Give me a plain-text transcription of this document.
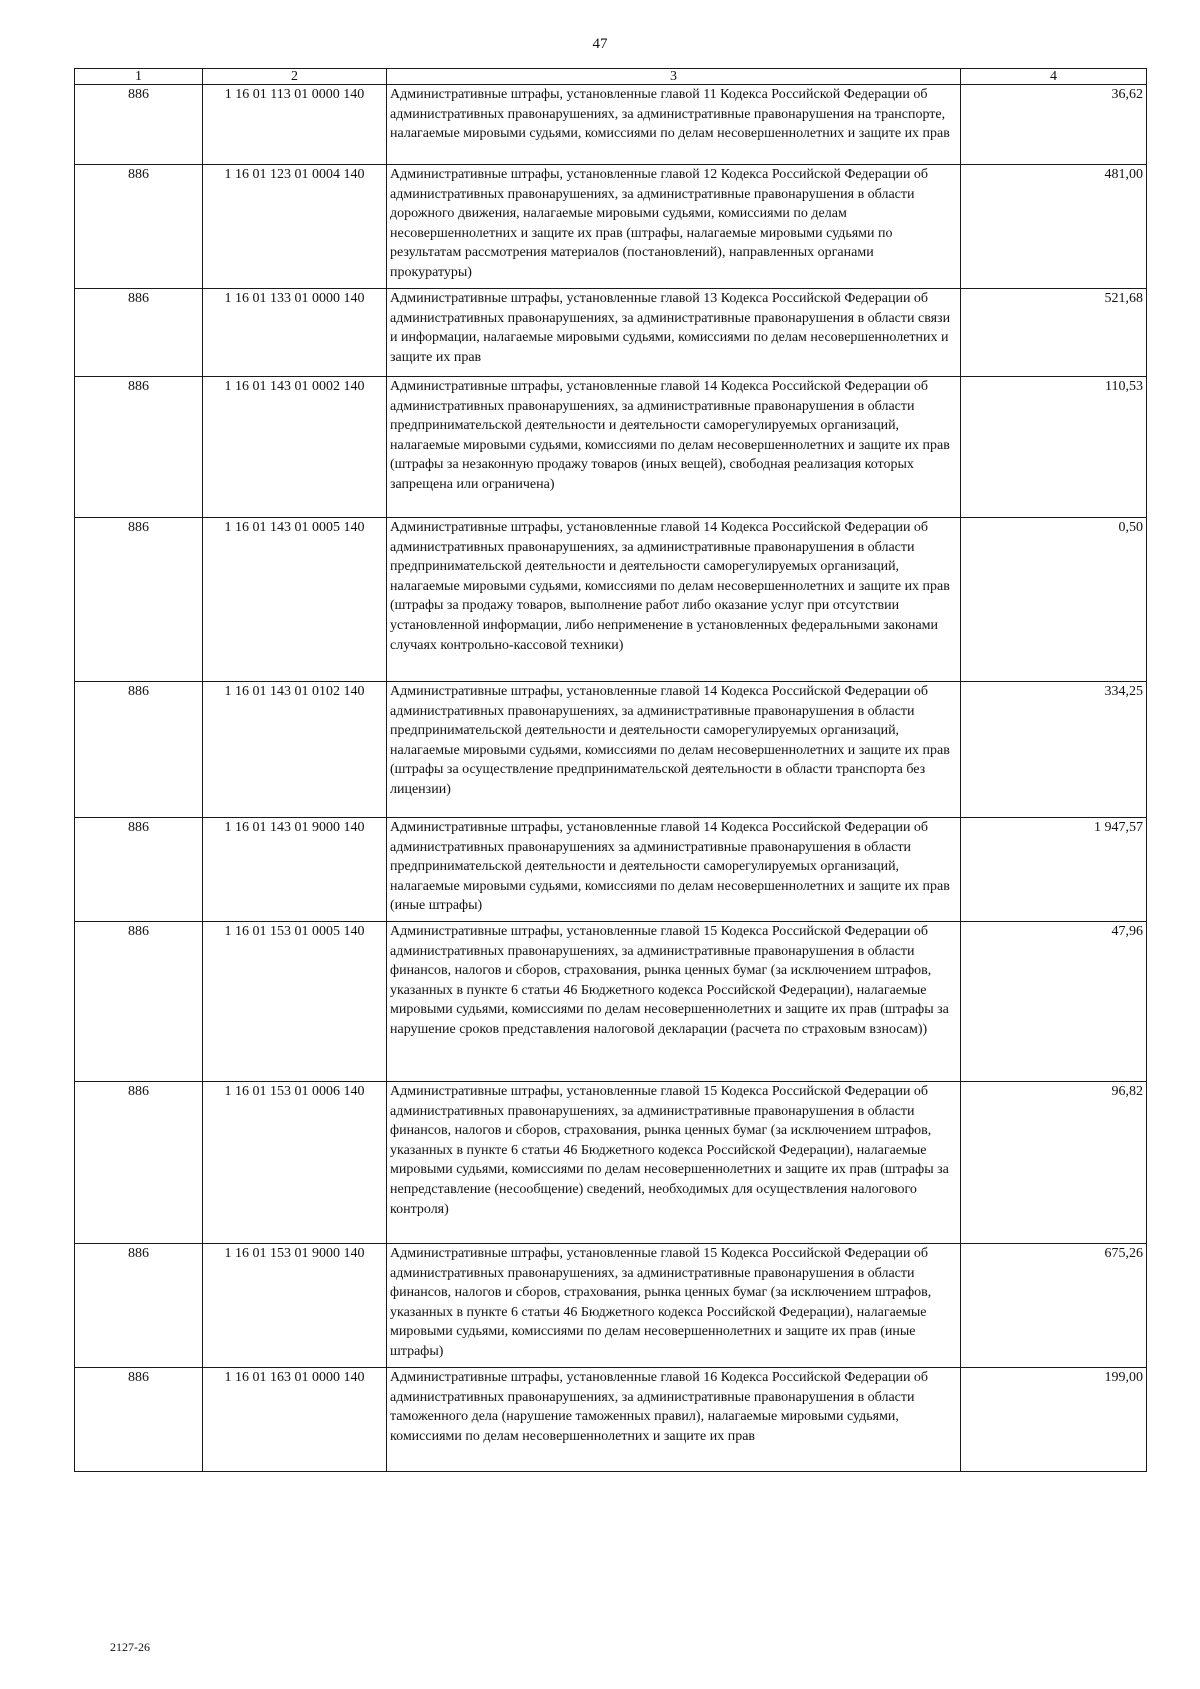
47
1	2	3	4
886	1 16 01 113 01 0000 140	Административные штрафы, установленные главой 11 Кодекса Российской Федерации об административных правонарушениях, за административные правонарушения на транспорте, налагаемые мировыми судьями, комиссиями по делам несовершеннолетних и защите их прав	36,62
886	1 16 01 123 01 0004 140	Административные штрафы, установленные главой 12 Кодекса Российской Федерации об административных правонарушениях, за административные правонарушения в области дорожного движения, налагаемые мировыми судьями, комиссиями по делам несовершеннолетних и защите их прав (штрафы, налагаемые мировыми судьями по результатам рассмотрения материалов (постановлений), направленных органами прокуратуры)	481,00
886	1 16 01 133 01 0000 140	Административные штрафы, установленные главой 13 Кодекса Российской Федерации об административных правонарушениях, за административные правонарушения в области связи и информации, налагаемые мировыми судьями, комиссиями по делам несовершеннолетних и защите их прав	521,68
886	1 16 01 143 01 0002 140	Административные штрафы, установленные главой 14 Кодекса Российской Федерации об административных правонарушениях, за административные правонарушения в области предпринимательской деятельности и деятельности саморегулируемых организаций, налагаемые мировыми судьями, комиссиями по делам несовершеннолетних и защите их прав (штрафы за незаконную продажу товаров (иных вещей), свободная реализация которых запрещена или ограничена)	110,53
886	1 16 01 143 01 0005 140	Административные штрафы, установленные главой 14 Кодекса Российской Федерации об административных правонарушениях, за административные правонарушения в области предпринимательской деятельности и деятельности саморегулируемых организаций, налагаемые мировыми судьями, комиссиями по делам несовершеннолетних и защите их прав (штрафы за продажу товаров, выполнение работ либо оказание услуг при отсутствии установленной информации, либо неприменение в установленных федеральными законами случаях контрольно-кассовой техники)	0,50
886	1 16 01 143 01 0102 140	Административные штрафы, установленные главой 14 Кодекса Российской Федерации об административных правонарушениях, за административные правонарушения в области предпринимательской деятельности и деятельности саморегулируемых организаций, налагаемые мировыми судьями, комиссиями по делам несовершеннолетних и защите их прав (штрафы за осуществление предпринимательской деятельности в области транспорта без лицензии)	334,25
886	1 16 01 143 01 9000 140	Административные штрафы, установленные главой 14 Кодекса Российской Федерации об административных правонарушениях за административные правонарушения в области предпринимательской деятельности и деятельности саморегулируемых организаций, налагаемые мировыми судьями, комиссиями по делам несовершеннолетних и защите их прав (иные штрафы)	1 947,57
886	1 16 01 153 01 0005 140	Административные штрафы, установленные главой 15 Кодекса Российской Федерации об административных правонарушениях, за административные правонарушения в области финансов, налогов и сборов, страхования, рынка ценных бумаг (за исключением штрафов, указанных в пункте 6 статьи 46 Бюджетного кодекса Российской Федерации), налагаемые мировыми судьями, комиссиями по делам несовершеннолетних и защите их прав (штрафы за нарушение сроков представления налоговой декларации (расчета по страховым взносам))	47,96
886	1 16 01 153 01 0006 140	Административные штрафы, установленные главой 15 Кодекса Российской Федерации об административных правонарушениях, за административные правонарушения в области финансов, налогов и сборов, страхования, рынка ценных бумаг (за исключением штрафов, указанных в пункте 6 статьи 46 Бюджетного кодекса Российской Федерации), налагаемые мировыми судьями, комиссиями по делам несовершеннолетних и защите их прав (штрафы за непредставление (несообщение) сведений, необходимых для осуществления налогового контроля)	96,82
886	1 16 01 153 01 9000 140	Административные штрафы, установленные главой 15 Кодекса Российской Федерации об административных правонарушениях, за административные правонарушения в области финансов, налогов и сборов, страхования, рынка ценных бумаг (за исключением штрафов, указанных в пункте 6 статьи 46 Бюджетного кодекса Российской Федерации), налагаемые мировыми судьями, комиссиями по делам несовершеннолетних и защите их прав (иные штрафы)	675,26
886	1 16 01 163 01 0000 140	Административные штрафы, установленные главой 16 Кодекса Российской Федерации об административных правонарушениях, за административные правонарушения в области таможенного дела (нарушение таможенных правил), налагаемые мировыми судьями, комиссиями по делам несовершеннолетних и защите их прав	199,00
2127-26
